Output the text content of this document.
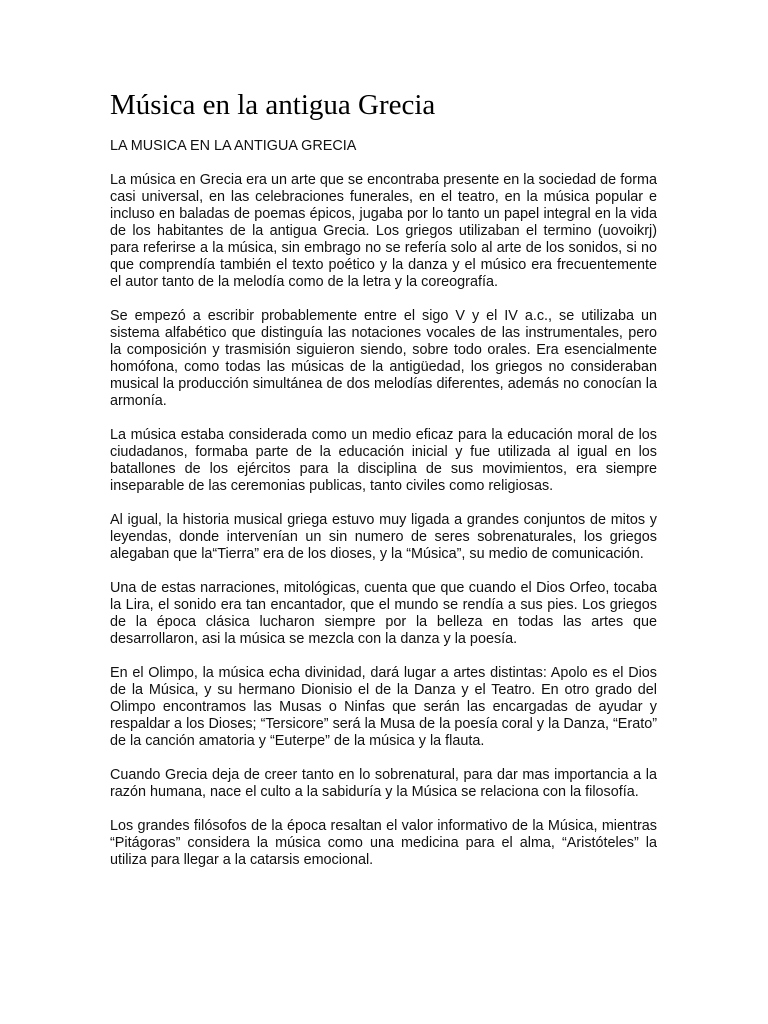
Música en la antigua Grecia
LA MUSICA EN LA ANTIGUA GRECIA

La música en Grecia era un arte que se encontraba presente en la sociedad de forma casi universal, en las celebraciones funerales, en el teatro, en la música popular e incluso en baladas de poemas épicos, jugaba por lo tanto un papel integral en la vida de los habitantes de la antigua Grecia. Los griegos utilizaban el termino (uovoikrj) para referirse a la música, sin embrago no se refería solo al arte de los sonidos, si no que comprendía también el texto poético y la danza y el músico era frecuentemente el autor tanto de la melodía como de la letra y la coreografía.

Se empezó a escribir probablemente entre el sigo V y el IV a.c., se utilizaba un sistema alfabético que distinguía las notaciones vocales de las instrumentales, pero la composición y trasmisión siguieron siendo, sobre todo orales. Era esencialmente homófona, como todas las músicas de la antigüedad, los griegos no consideraban musical la producción simultánea de dos melodías diferentes, además no conocían la armonía.

La música estaba considerada como un medio eficaz para la educación moral de los ciudadanos, formaba parte de la educación inicial y fue utilizada al igual en los batallones de los ejércitos para la disciplina de sus movimientos, era siempre inseparable de las ceremonias publicas, tanto civiles como religiosas.

Al igual, la historia musical griega estuvo muy ligada a grandes conjuntos de mitos y leyendas, donde intervenían un sin numero de seres sobrenaturales, los griegos alegaban que la“Tierra” era de los dioses, y la “Música”, su medio de comunicación.

Una de estas narraciones, mitológicas, cuenta que que cuando el Dios Orfeo, tocaba la Lira, el sonido era tan encantador, que el mundo se rendía a sus pies. Los griegos de la época clásica lucharon siempre por la belleza en todas las artes que desarrollaron, asi la música se mezcla con la danza y la poesía.

En el Olimpo, la música echa divinidad, dará lugar a artes distintas: Apolo es el Dios de la Música, y su hermano Dionisio el de la Danza y el Teatro. En otro grado del Olimpo encontramos las Musas o Ninfas que serán las encargadas de ayudar y respaldar a los Dioses; “Tersicore” será la Musa de la poesía coral y la Danza, “Erato” de la canción amatoria y “Euterpe” de la música y la flauta.

Cuando Grecia deja de creer tanto en lo sobrenatural, para dar mas importancia a la razón humana, nace el culto a la sabiduría y la Música se relaciona con la filosofía.

Los grandes filósofos de la época resaltan el valor informativo de la Música, mientras “Pitágoras” considera la música como una medicina para el alma, “Aristóteles” la utiliza para llegar a la catarsis emocional.
